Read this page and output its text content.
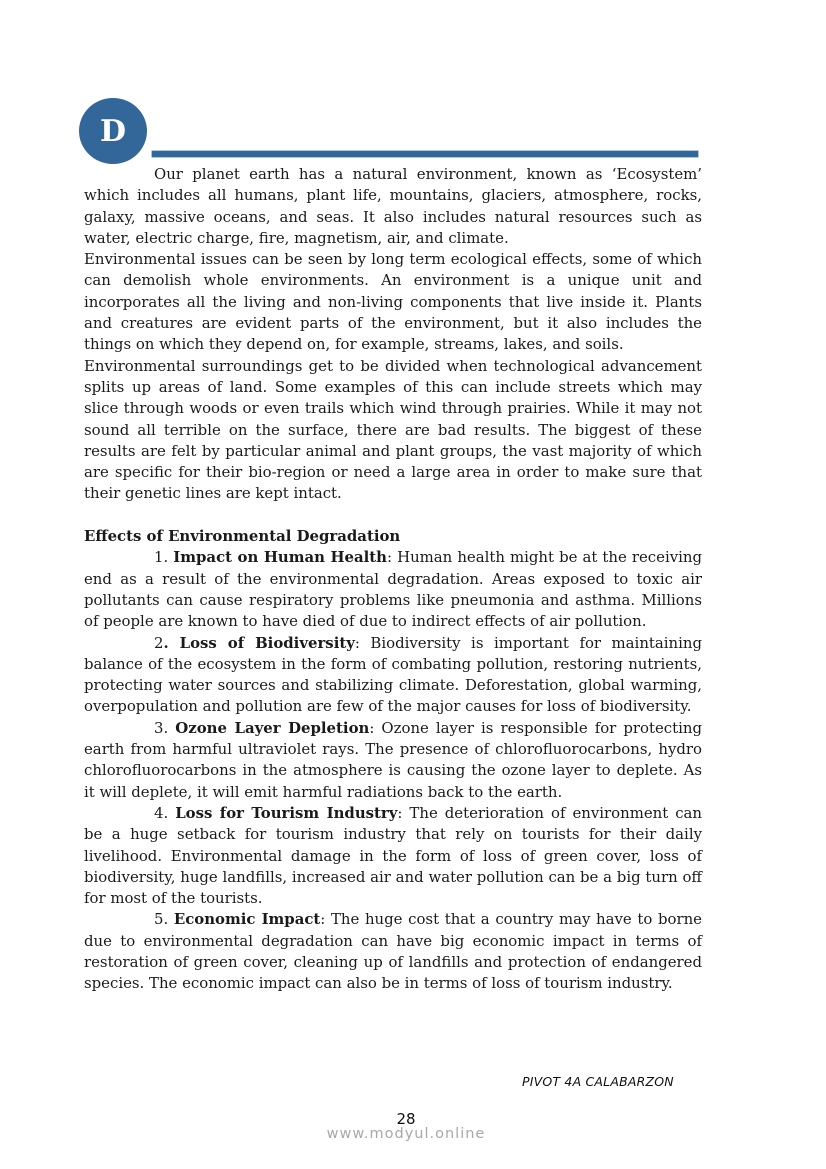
D

Our planet earth has a natural environment, known as ‘Ecosystem’ which includes all humans, plant life, mountains, glaciers, atmosphere, rocks, galaxy, massive oceans, and seas. It also includes natural resources such as water, electric charge, fire, magnetism, air, and climate.

Environmental issues can be seen by long term ecological effects, some of which can demolish whole environments. An environment is a unique unit and incorporates all the living and non-living components that live inside it. Plants and creatures are evident parts of the environment, but it also includes the things on which they depend on, for example, streams, lakes, and soils.

Environmental surroundings get to be divided when technological advancement splits up areas of land. Some examples of this can include streets which may slice through woods or even trails which wind through prairies. While it may not sound all terrible on the surface, there are bad results. The biggest of these results are felt by particular animal and plant groups, the vast majority of which are specific for their bio-region or need a large area in order to make sure that their genetic lines are kept intact.

Effects of Environmental Degradation

1. Impact on Human Health: Human health might be at the receiving end as a result of the environmental degradation. Areas exposed to toxic air pollutants can cause respiratory problems like pneumonia and asthma. Millions of people are known to have died of due to indirect effects of air pollution.

2. Loss of Biodiversity: Biodiversity is important for maintaining balance of the ecosystem in the form of combating pollution, restoring nutrients, protecting water sources and stabilizing climate. Deforestation, global warming, overpopulation and pollution are few of the major causes for loss of biodiversity.

3. Ozone Layer Depletion: Ozone layer is responsible for protecting earth from harmful ultraviolet rays. The presence of chlorofluorocarbons, hydro chlorofluorocarbons in the atmosphere is causing the ozone layer to deplete. As it will deplete, it will emit harmful radiations back to the earth.

4. Loss for Tourism Industry: The deterioration of environment can be a huge setback for tourism industry that rely on tourists for their daily livelihood. Environmental damage in the form of loss of green cover, loss of biodiversity, huge landfills, increased air and water pollution can be a big turn off for most of the tourists.

5. Economic Impact: The huge cost that a country may have to borne due to environmental degradation can have big economic impact in terms of restoration of green cover, cleaning up of landfills and protection of endangered species. The economic impact can also be in terms of loss of tourism industry.

PIVOT 4A CALABARZON
28
www.modyul.online
